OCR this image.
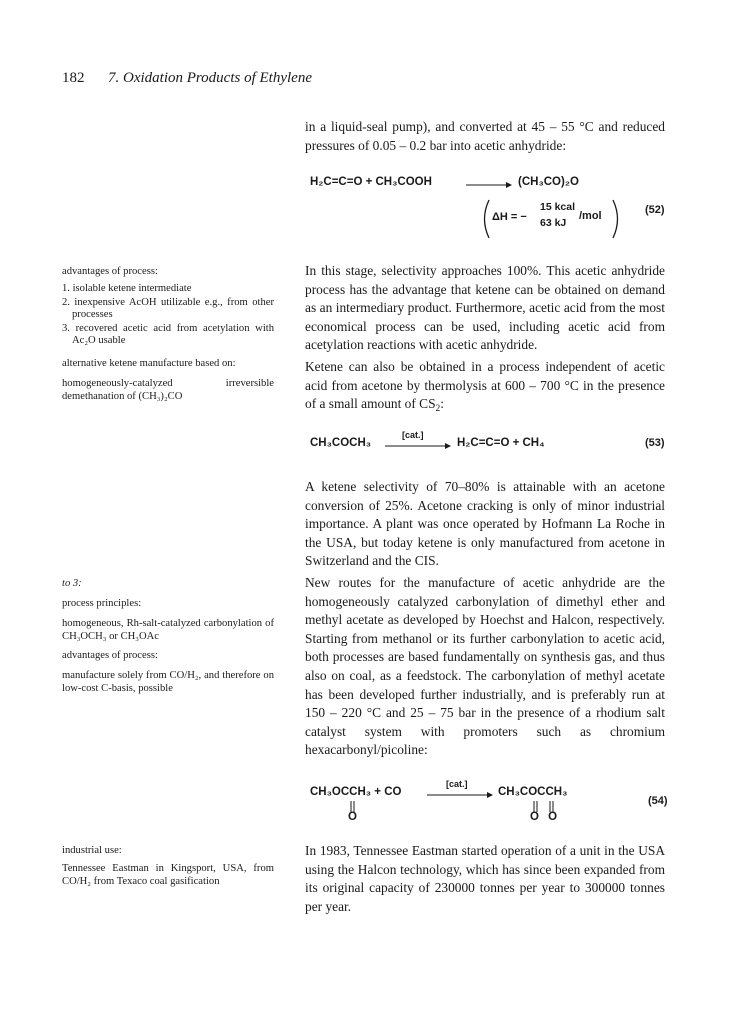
182 7. Oxidation Products of Ethylene

in a liquid-seal pump), and converted at 45 – 55 °C and reduced pressures of 0.05 – 0.2 bar into acetic anhydride:

H₂C=C=O + CH₃COOH	(CH₃CO)₂O
ΔH = −
15 kcal
63 kJ
/mol	(52)

advantages of process:

1. isolable ketene intermediate
2. inexpensive AcOH utilizable e.g., from other processes
3. recovered acetic acid from acetylation with Ac₂O usable

alternative ketene manufacture based on:

homogeneously-catalyzed irreversible demethanation of (CH₃)₂CO

In this stage, selectivity approaches 100%. This acetic anhydride process has the advantage that ketene can be obtained on demand as an intermediary product. Furthermore, acetic acid from the most economical process can be used, including acetic acid from acetylation reactions with acetic anhydride.

Ketene can also be obtained in a process independent of acetic acid from acetone by thermolysis at 600 – 700 °C in the presence of a small amount of $CS_2$:

CH₃COCH₃
[cat.]
H₂C=C=O + CH₄	(53)

A ketene selectivity of 70–80% is attainable with an acetone conversion of 25%. Acetone cracking is only of minor industrial importance. A plant was once operated by Hofmann La Roche in the USA, but today ketene is only manufactured from acetone in Switzerland and the CIS.

to 3:

process principles:

homogeneous, Rh-salt-catalyzed carbonylation of CH₃OCH₃ or CH₃OAc

advantages of process:

manufacture solely from CO/H₂, and therefore on low-cost C-basis, possible

New routes for the manufacture of acetic anhydride are the homogeneously catalyzed carbonylation of dimethyl ether and methyl acetate as developed by Hoechst and Halcon, respectively. Starting from methanol or its further carbonylation to acetic acid, both processes are based fundamentally on synthesis gas, and thus also on coal, as a feedstock. The carbonylation of methyl acetate has been developed further industrially, and is preferably run at 150 – 220 °C and 25 – 75 bar in the presence of a rhodium salt catalyst system with promoters such as chromium hexacarbonyl/picoline:

CH₃OCCH₃ + CO
O
[cat.]
CH₃COCCH₃
O O
(54)

industrial use:

Tennessee Eastman in Kingsport, USA, from CO/H₂ from Texaco coal gasification

In 1983, Tennessee Eastman started operation of a unit in the USA using the Halcon technology, which has since been expanded from its original capacity of 230000 tonnes per year to 300000 tonnes per year.
